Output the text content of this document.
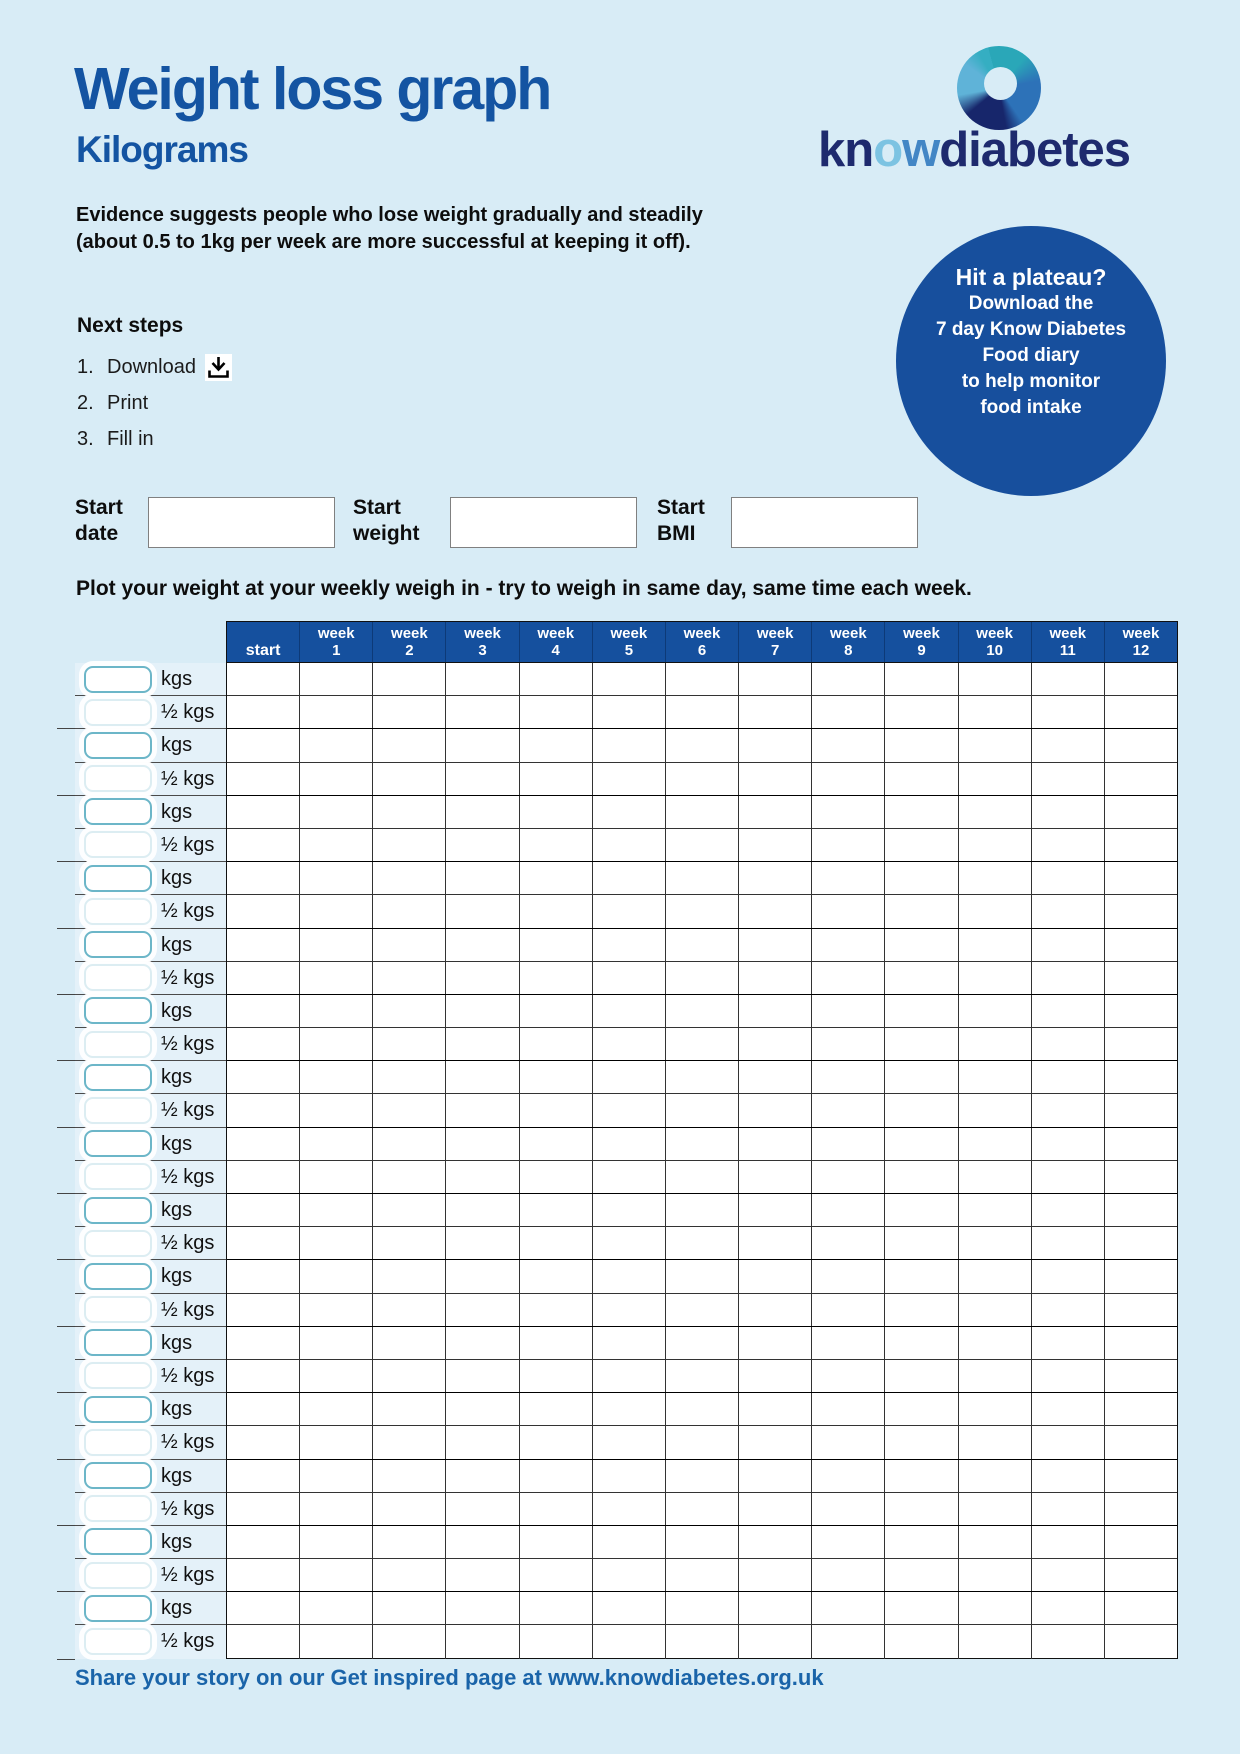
Weight loss graph
Kilograms	knowdiabetes
Evidence suggests people who lose weight gradually and steadily
(about 0.5 to 1kg per week are more successful at keeping it off).
Next steps
1. Download
2. Print
3. Fill in
Hit a plateau?
Download the
7 day Know Diabetes
Food diary
to help monitor
food intake
Start
date
Start
weight
Start
BMI
Plot your weight at your weekly weigh in - try to weigh in same day, same time each week.
start
week
1
week
2
week
3
week
4
week
5
week
6
week
7
week
8
week
9
week
10
week
11
week
12
kgs
½ kgs
kgs
½ kgs
kgs
½ kgs
kgs
½ kgs
kgs
½ kgs
kgs
½ kgs
kgs
½ kgs
kgs
½ kgs
kgs
½ kgs
kgs
½ kgs
kgs
½ kgs
kgs
½ kgs
kgs
½ kgs
kgs
½ kgs
kgs
½ kgs
Share your story on our Get inspired page at www.knowdiabetes.org.uk
